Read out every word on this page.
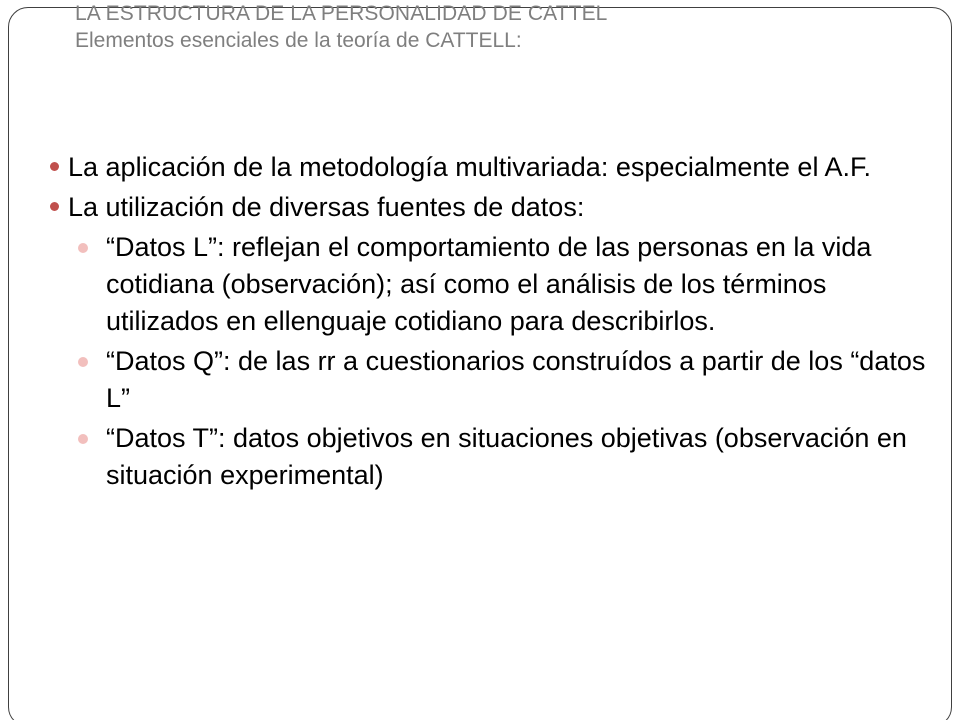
LA ESTRUCTURA DE LA PERSONALIDAD DE CATTEL
Elementos esenciales de la teoría de CATTELL:
La aplicación de la metodología multivariada: especialmente el A.F.
La utilización de diversas fuentes de datos:
“Datos L”: reflejan el comportamiento de las personas en la vida cotidiana (observación); así como el análisis de los términos utilizados en ellenguaje cotidiano para describirlos.
“Datos Q”: de las rr a cuestionarios construídos a partir de los “datos L”
“Datos T”: datos objetivos en situaciones objetivas (observación en situación experimental)
